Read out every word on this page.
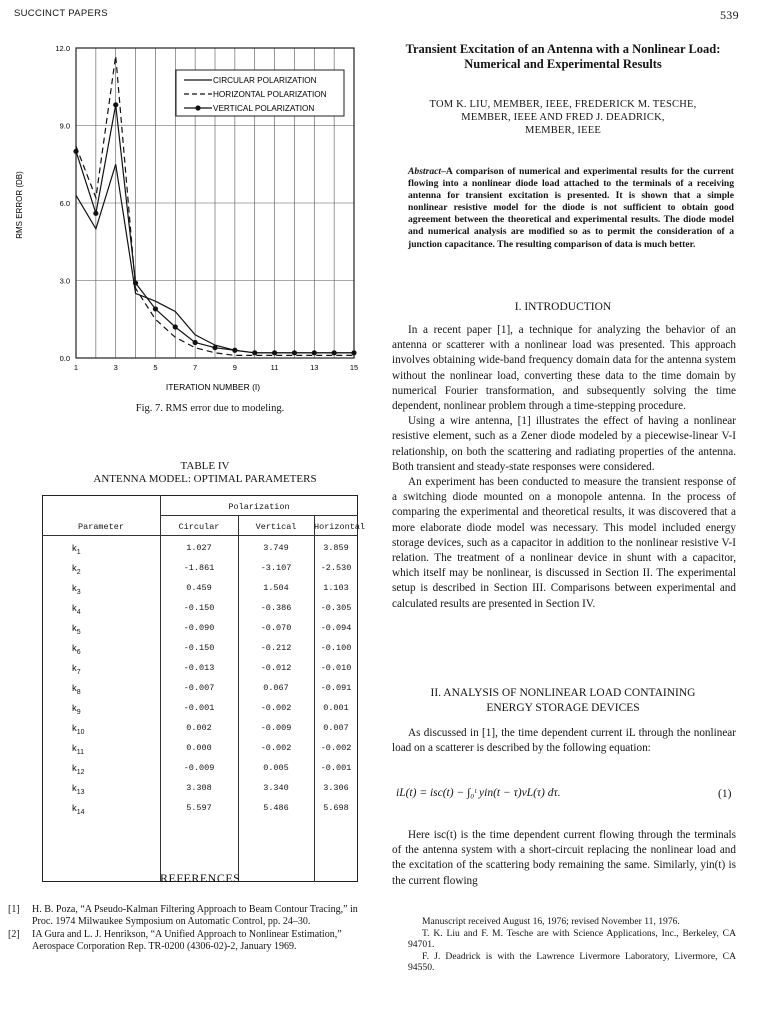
SUCCINCT PAPERS	539
1	3	5	7	9	11	13	15
0.0
3.0
6.0
9.0
12.0
CIRCULAR POLARIZATION
HORIZONTAL POLARIZATION
VERTICAL POLARIZATION
ITERATION NUMBER (I)
RMS ERROR (DB)
Fig. 7. RMS error due to modeling.
TABLE IV
ANTENNA MODEL: OPTIMAL PARAMETERS
Polarization
Parameter	Circular	Vertical	Horizontal
$k_1$	1.027	3.749	3.859
$k_2$	-1.861	-3.107	-2.530
$k_3$	0.459	1.504	1.103
$k_4$	-0.150	-0.386	-0.305
$k_5$	-0.090	-0.070	-0.094
$k_6$	-0.150	-0.212	-0.100
$k_7$	-0.013	-0.012	-0.010
$k_8$	-0.007	0.067	-0.091
$k_9$	-0.001	-0.002	0.001
$k_{10}$	0.002	-0.009	0.007
$k_{11}$	0.000	-0.002	-0.002
$k_{12}$	-0.009	0.005	-0.001
$k_{13}$	3.308	3.340	3.306
$k_{14}$	5.597	5.486	5.698
REFERENCES
[1] H. B. Poza, “A Pseudo-Kalman Filtering Approach to Beam Contour Tracing,” in Proc. 1974 Milwaukee Symposium on Automatic Control, pp. 24–30.
[2] IA Gura and L. J. Henrikson, “A Unified Approach to Nonlinear Estimation,” Aerospace Corporation Rep. TR-0200 (4306-02)-2, January 1969.
Transient Excitation of an Antenna with a Nonlinear Load: Numerical and Experimental Results
TOM K. LIU, MEMBER, IEEE, FREDERICK M. TESCHE,
MEMBER, IEEE AND FRED J. DEADRICK,
MEMBER, IEEE
Abstract–A comparison of numerical and experimental results for the current flowing into a nonlinear diode load attached to the terminals of a receiving antenna for transient excitation is presented. It is shown that a simple nonlinear resistive model for the diode is not sufficient to obtain good agreement between the theoretical and experimental results. The diode model and numerical analysis are modified so as to permit the consideration of a junction capacitance. The resulting comparison of data is much better.
I. INTRODUCTION

In a recent paper [1], a technique for analyzing the behavior of an antenna or scatterer with a nonlinear load was presented. This approach involves obtaining wide-band frequency domain data for the antenna system without the nonlinear load, converting these data to the time domain by numerical Fourier transformation, and subsequently solving the time dependent, nonlinear problem through a time-stepping procedure.

Using a wire antenna, [1] illustrates the effect of having a nonlinear resistive element, such as a Zener diode modeled by a piecewise-linear V-I relationship, on both the scattering and radiating properties of the antenna. Both transient and steady-state responses were considered.

An experiment has been conducted to measure the transient response of a switching diode mounted on a monopole antenna. In the process of comparing the experimental and theoretical results, it was discovered that a more elaborate diode model was necessary. This model included energy storage devices, such as a capacitor in addition to the nonlinear resistive V-I relation. The treatment of a nonlinear device in shunt with a capacitor, which itself may be nonlinear, is discussed in Section II. The experimental setup is described in Section III. Comparisons between experimental and calculated results are presented in Section IV.

II. ANALYSIS OF NONLINEAR LOAD CONTAINING
ENERGY STORAGE DEVICES

As discussed in [1], the time dependent current iL through the nonlinear load on a scatterer is described by the following equation:

iL(t) = isc(t) − ∫₀ᵗ yin(t − τ)vL(τ) dτ.	(1)

Here isc(t) is the time dependent current flowing through the terminals of the antenna system with a short-circuit replacing the nonlinear load and the excitation of the scattering body remaining the same. Similarly, yin(t) is the current flowing

Manuscript received August 16, 1976; revised November 11, 1976.

T. K. Liu and F. M. Tesche are with Science Applications, Inc., Berkeley, CA 94701.

F. J. Deadrick is with the Lawrence Livermore Laboratory, Livermore, CA 94550.
